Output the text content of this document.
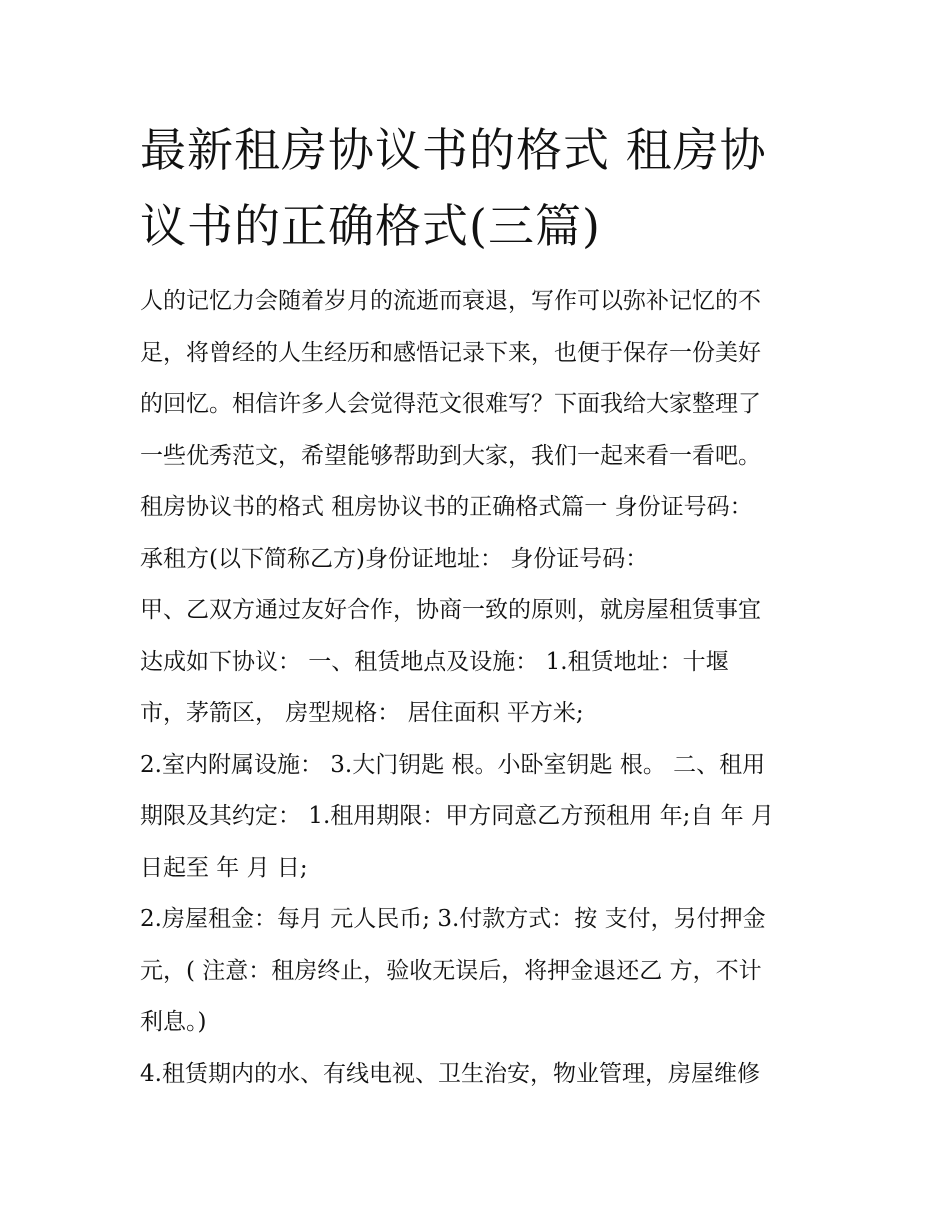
最新租房协议书的格式 租房协
议书的正确格式(三篇)
人的记忆力会随着岁月的流逝而衰退，写作可以弥补记忆的不
足，将曾经的人生经历和感悟记录下来，也便于保存一份美好
的回忆。相信许多人会觉得范文很难写？下面我给大家整理了
一些优秀范文，希望能够帮助到大家，我们一起来看一看吧。
租房协议书的格式 租房协议书的正确格式篇一 身份证号码：
承租方(以下简称乙方)身份证地址： 身份证号码：
甲、乙双方通过友好合作，协商一致的原则，就房屋租赁事宜
达成如下协议： 一、租赁地点及设施： 1.租赁地址：十堰
市，茅箭区， 房型规格： 居住面积 平方米;
2.室内附属设施： 3.大门钥匙 根。小卧室钥匙 根。 二、租用
期限及其约定： 1.租用期限：甲方同意乙方预租用 年;自 年 月
日起至 年 月 日;
2.房屋租金：每月 元人民币; 3.付款方式：按 支付，另付押金
元，( 注意：租房终止，验收无误后，将押金退还乙 方，不计
利息。)
4.租赁期内的水、有线电视、卫生治安，物业管理，房屋维修
